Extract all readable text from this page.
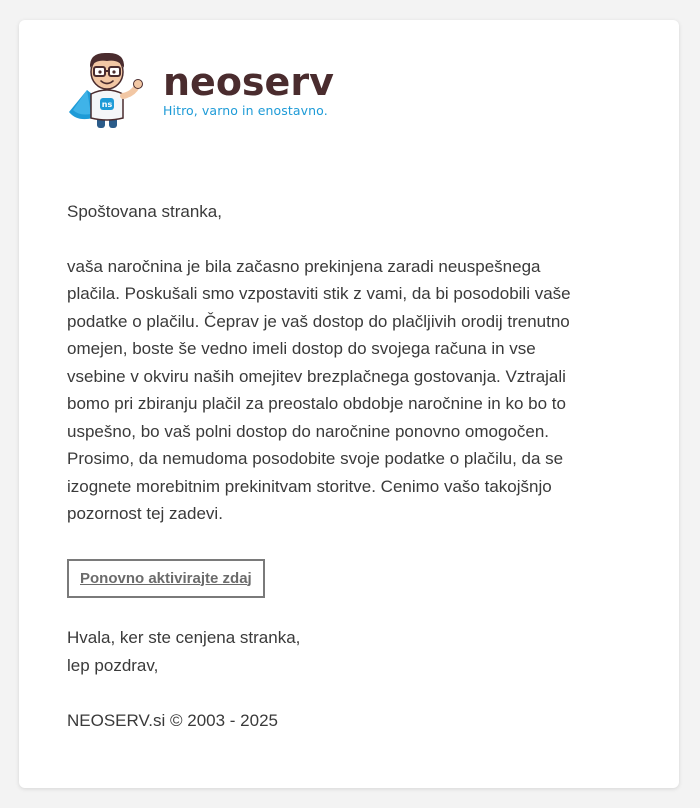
ns
neoserv
Hitro, varno in enostavno.

Spoštovana stranka,

vaša naročnina je bila začasno prekinjena zaradi neuspešnega plačila. Poskušali smo vzpostaviti stik z vami, da bi posodobili vaše podatke o plačilu. Čeprav je vaš dostop do plačljivih orodij trenutno omejen, boste še vedno imeli dostop do svojega računa in vse vsebine v okviru naših omejitev brezplačnega gostovanja. Vztrajali bomo pri zbiranju plačil za preostalo obdobje naročnine in ko bo to uspešno, bo vaš polni dostop do naročnine ponovno omogočen. Prosimo, da nemudoma posodobite svoje podatke o plačilu, da se izognete morebitnim prekinitvam storitve. Cenimo vašo takojšnjo pozornost tej zadevi.

Ponovno aktivirajte zdaj
Hvala, ker ste cenjena stranka,
lep pozdrav,

NEOSERV.si © 2003 - 2025
